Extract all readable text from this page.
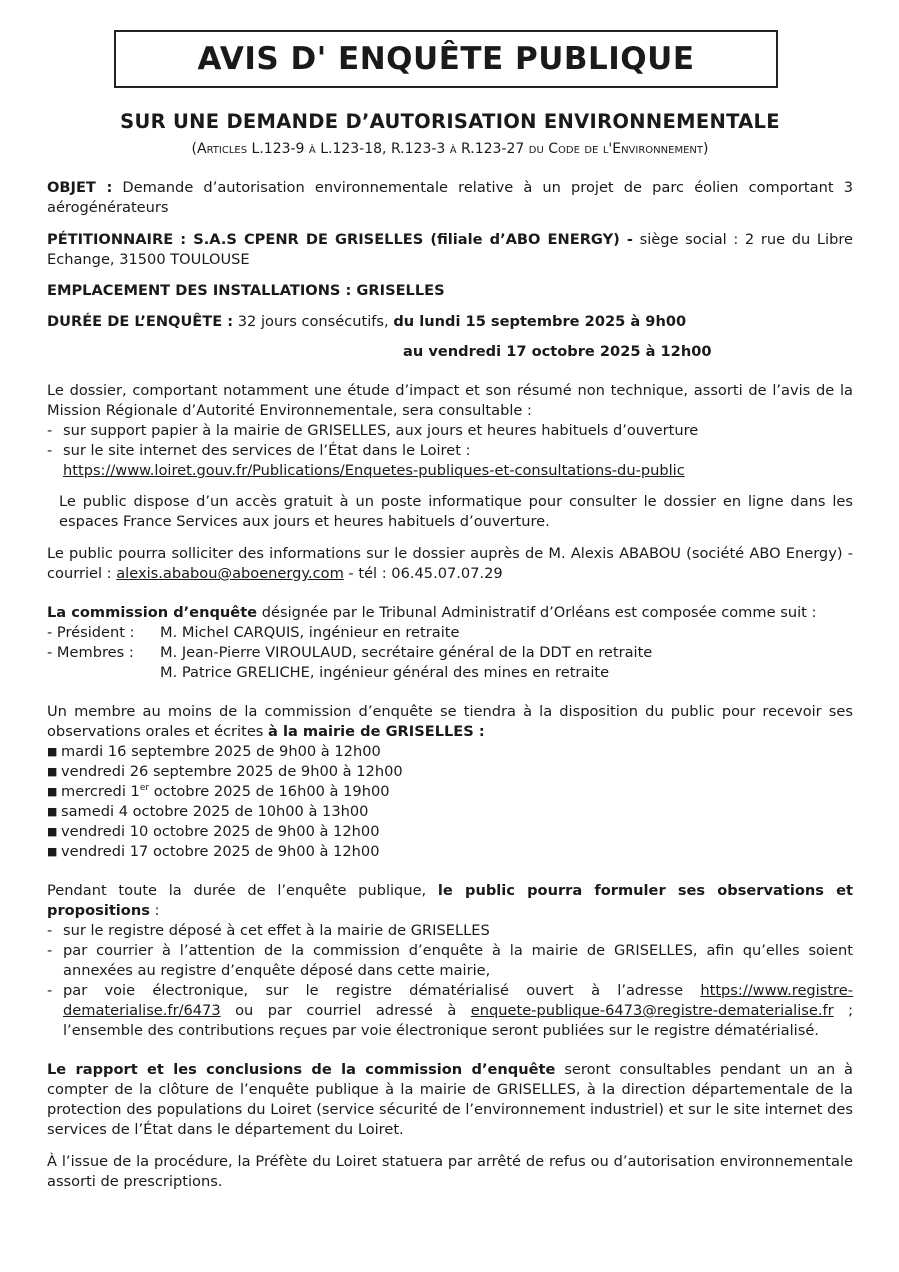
AVIS D' ENQUÊTE PUBLIQUE
SUR UNE DEMANDE D’AUTORISATION ENVIRONNEMENTALE
(Articles L.123-9 à L.123-18, R.123-3 à R.123-27 du Code de l'Environnement)

OBJET : Demande d’autorisation environnementale relative à un projet de parc éolien comportant 3 aérogénérateurs

PÉTITIONNAIRE : S.A.S CPENR DE GRISELLES (filiale d’ABO ENERGY) - siège social : 2 rue du Libre Echange, 31500 TOULOUSE

EMPLACEMENT DES INSTALLATIONS : GRISELLES

DURÉE DE L’ENQUÊTE : 32 jours consécutifs, du lundi 15 septembre 2025 à 9h00

au vendredi 17 octobre 2025 à 12h00

Le dossier, comportant notamment une étude d’impact et son résumé non technique, assorti de l’avis de la Mission Régionale d’Autorité Environnementale, sera consultable :

- sur support papier à la mairie de GRISELLES, aux jours et heures habituels d’ouverture
- sur le site internet des services de l’État dans le Loiret :
https://www.loiret.gouv.fr/Publications/Enquetes-publiques-et-consultations-du-public

Le public dispose d’un accès gratuit à un poste informatique pour consulter le dossier en ligne dans les espaces France Services aux jours et heures habituels d’ouverture.

Le public pourra solliciter des informations sur le dossier auprès de M. Alexis ABABOU (société ABO Energy) - courriel : alexis.ababou@aboenergy.com - tél : 06.45.07.07.29

La commission d’enquête désignée par le Tribunal Administratif d’Orléans est composée comme suit :

- Président :	M. Michel CARQUIS, ingénieur en retraite
- Membres :	M. Jean-Pierre VIROULAUD, secrétaire général de la DDT en retraite
M. Patrice GRELICHE, ingénieur général des mines en retraite

Un membre au moins de la commission d’enquête se tiendra à la disposition du public pour recevoir ses observations orales et écrites à la mairie de GRISELLES :

■ mardi 16 septembre 2025 de 9h00 à 12h00
■ vendredi 26 septembre 2025 de 9h00 à 12h00
■ mercredi 1er octobre 2025 de 16h00 à 19h00
■ samedi 4 octobre 2025 de 10h00 à 13h00
■ vendredi 10 octobre 2025 de 9h00 à 12h00
■ vendredi 17 octobre 2025 de 9h00 à 12h00

Pendant toute la durée de l’enquête publique, le public pourra formuler ses observations et propositions :

- sur le registre déposé à cet effet à la mairie de GRISELLES
- par courrier à l’attention de la commission d’enquête à la mairie de GRISELLES, afin qu’elles soient annexées au registre d’enquête déposé dans cette mairie,
- par voie électronique, sur le registre dématérialisé ouvert à l’adresse https://www.registre-dematerialise.fr/6473 ou par courriel adressé à enquete-publique-6473@registre-dematerialise.fr ; l’ensemble des contributions reçues par voie électronique seront publiées sur le registre dématérialisé.

Le rapport et les conclusions de la commission d’enquête seront consultables pendant un an à compter de la clôture de l’enquête publique à la mairie de GRISELLES, à la direction départementale de la protection des populations du Loiret (service sécurité de l’environnement industriel) et sur le site internet des services de l’État dans le département du Loiret.

À l’issue de la procédure, la Préfète du Loiret statuera par arrêté de refus ou d’autorisation environnementale assorti de prescriptions.
